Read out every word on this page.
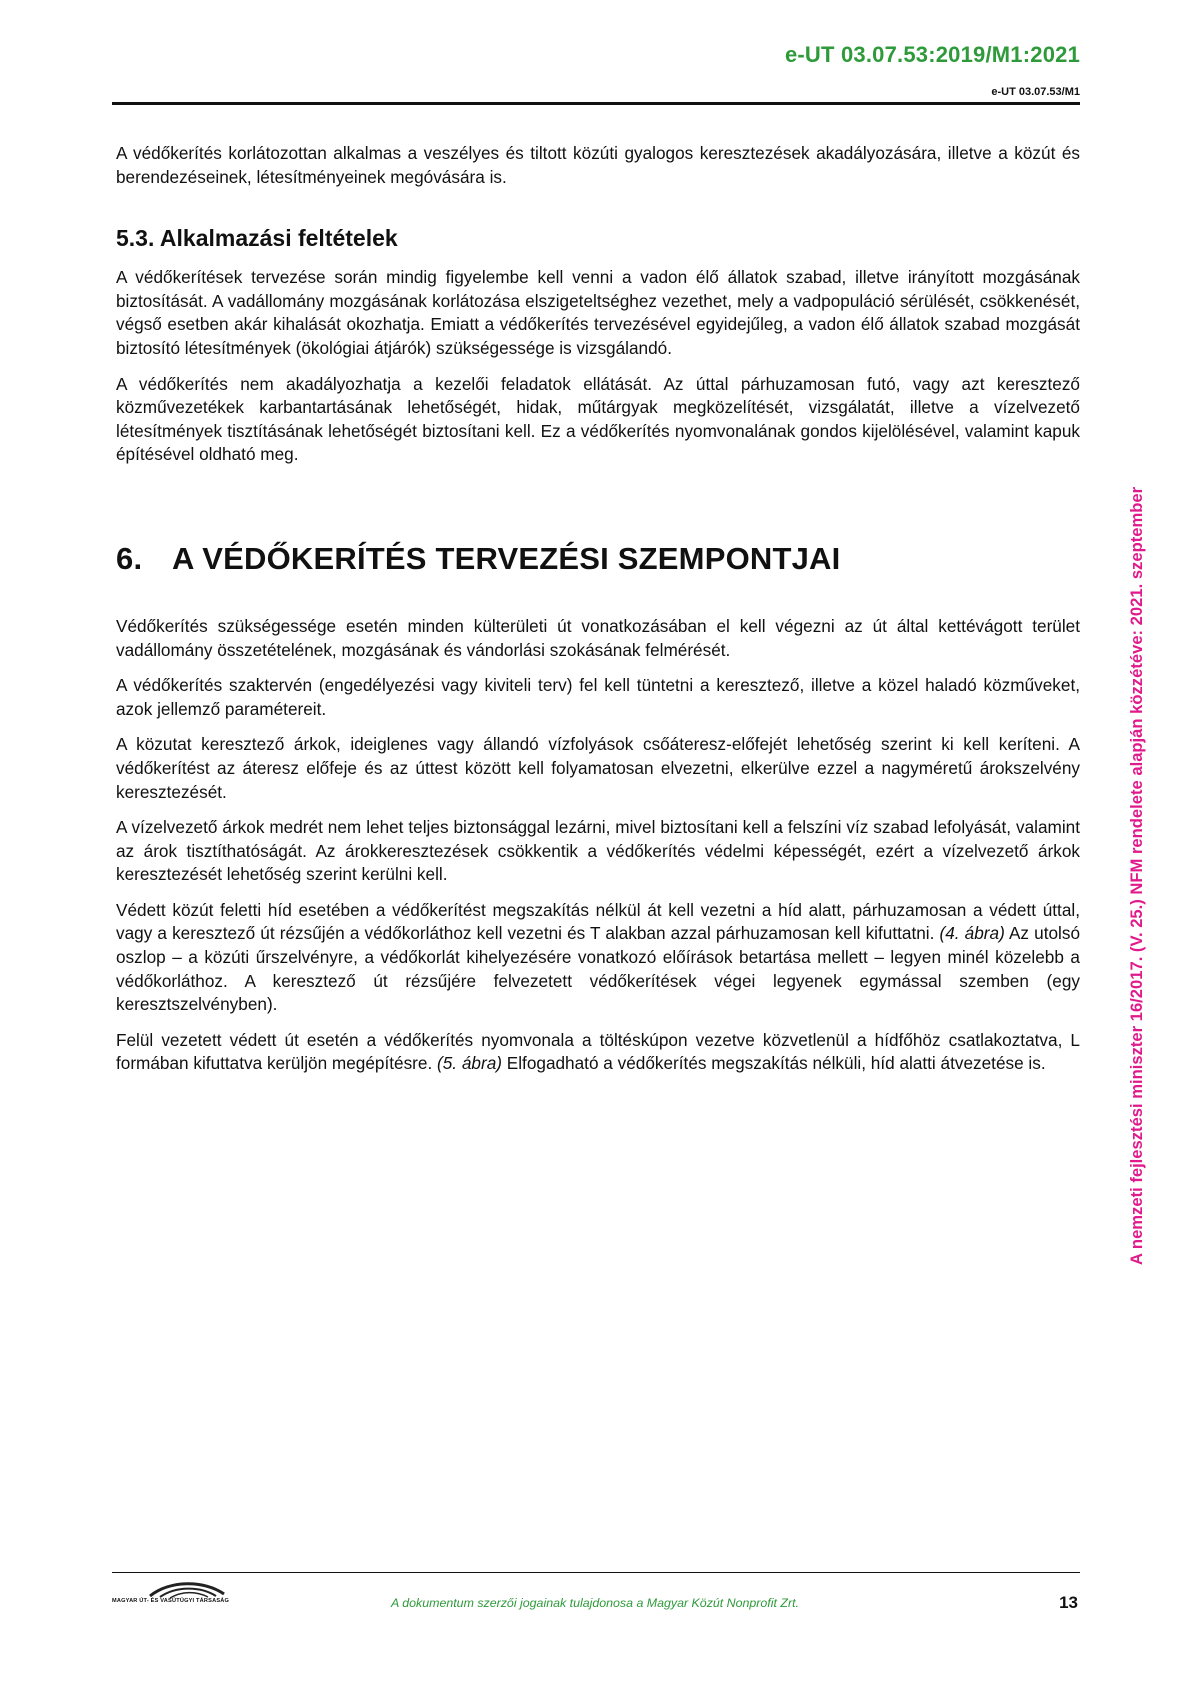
e-UT 03.07.53:2019/M1:2021
e-UT 03.07.53/M1

A védőkerítés korlátozottan alkalmas a veszélyes és tiltott közúti gyalogos keresztezések akadályozására, illetve a közút és berendezéseinek, létesítményeinek megóvására is.

5.3. Alkalmazási feltételek

A védőkerítések tervezése során mindig figyelembe kell venni a vadon élő állatok szabad, illetve irányított mozgásának biztosítását. A vadállomány mozgásának korlátozása elszigeteltséghez vezethet, mely a vadpopuláció sérülését, csökkenését, végső esetben akár kihalását okozhatja. Emiatt a védőkerítés tervezésével egyidejűleg, a vadon élő állatok szabad mozgását biztosító létesítmények (ökológiai átjárók) szükségessége is vizsgálandó.

A védőkerítés nem akadályozhatja a kezelői feladatok ellátását. Az úttal párhuzamosan futó, vagy azt keresztező közművezetékek karbantartásának lehetőségét, hidak, műtárgyak megközelítését, vizsgálatát, illetve a vízelvezető létesítmények tisztításának lehetőségét biztosítani kell. Ez a védőkerítés nyomvonalának gondos kijelölésével, valamint kapuk építésével oldható meg.

6. A VÉDŐKERÍTÉS TERVEZÉSI SZEMPONTJAI

Védőkerítés szükségessége esetén minden külterületi út vonatkozásában el kell végezni az út által kettévágott terület vadállomány összetételének, mozgásának és vándorlási szokásának felmérését.

A védőkerítés szaktervén (engedélyezési vagy kiviteli terv) fel kell tüntetni a keresztező, illetve a közel haladó közműveket, azok jellemző paramétereit.

A közutat keresztező árkok, ideiglenes vagy állandó vízfolyások csőáteresz-előfejét lehetőség szerint ki kell keríteni. A védőkerítést az áteresz előfeje és az úttest között kell folyamatosan elvezetni, elkerülve ezzel a nagyméretű árokszelvény keresztezését.

A vízelvezető árkok medrét nem lehet teljes biztonsággal lezárni, mivel biztosítani kell a felszíni víz szabad lefolyását, valamint az árok tisztíthatóságát. Az árokkeresztezések csökkentik a védőkerítés védelmi képességét, ezért a vízelvezető árkok keresztezését lehetőség szerint kerülni kell.

Védett közút feletti híd esetében a védőkerítést megszakítás nélkül át kell vezetni a híd alatt, párhuzamosan a védett úttal, vagy a keresztező út rézsűjén a védőkorláthoz kell vezetni és T alakban azzal párhuzamosan kell kifuttatni. (4. ábra) Az utolsó oszlop – a közúti űrszelvényre, a védőkorlát kihelyezésére vonatkozó előírások betartása mellett – legyen minél közelebb a védőkorláthoz. A keresztező út rézsűjére felvezetett védőkerítések végei legyenek egymással szemben (egy keresztszelvényben).

Felül vezetett védett út esetén a védőkerítés nyomvonala a töltéskúpon vezetve közvetlenül a hídfőhöz csatlakoztatva, L formában kifuttatva kerüljön megépítésre. (5. ábra) Elfogadható a védőkerítés megszakítás nélküli, híd alatti átvezetése is.	A nemzeti fejlesztési miniszter 16/2017. (V. 25.) NFM rendelete alapján közzétéve: 2021. szeptember
MAGYAR ÚT- ÉS VASÚTÜGYI TÁRSASÁG	A dokumentum szerzői jogainak tulajdonosa a Magyar Közút Nonprofit Zrt.	13
